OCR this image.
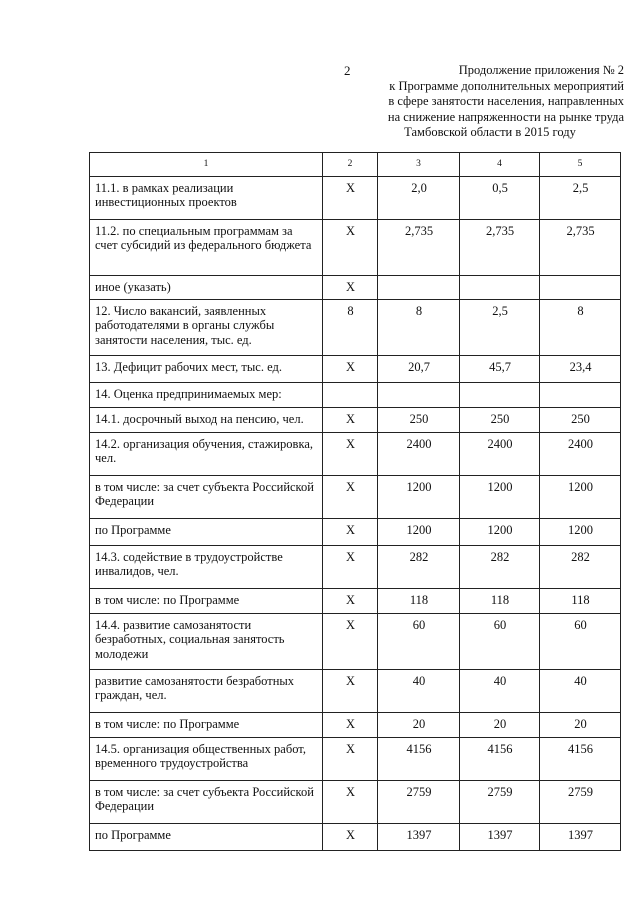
2	Продолжение приложения № 2
к Программе дополнительных мероприятий
в сфере занятости населения, направленных
на снижение напряженности на рынке труда
Тамбовской области в 2015 году
1	2	3	4	5
11.1. в рамках реализации инвестиционных проектов	X	2,0	0,5	2,5
11.2. по специальным программам за счет субсидий из федерального бюджета	X	2,735	2,735	2,735
иное (указать)	X			
12. Число вакансий, заявленных работодателями в органы службы занятости населения, тыс. ед.	8	8	2,5	8
13. Дефицит рабочих мест, тыс. ед.	X	20,7	45,7	23,4
14. Оценка предпринимаемых мер:				
14.1. досрочный выход на пенсию, чел.	X	250	250	250
14.2. организация обучения, стажировка, чел.	X	2400	2400	2400
в том числе: за счет субъекта Российской Федерации	X	1200	1200	1200
по Программе	X	1200	1200	1200
14.3. содействие в трудоустройстве инвалидов, чел.	X	282	282	282
в том числе: по Программе	X	118	118	118
14.4. развитие самозанятости безработных, социальная занятость молодежи	X	60	60	60
развитие самозанятости безработных граждан, чел.	X	40	40	40
в том числе: по Программе	X	20	20	20
14.5. организация общественных работ, временного трудоустройства	X	4156	4156	4156
в том числе: за счет субъекта Российской Федерации	X	2759	2759	2759
по Программе	X	1397	1397	1397
